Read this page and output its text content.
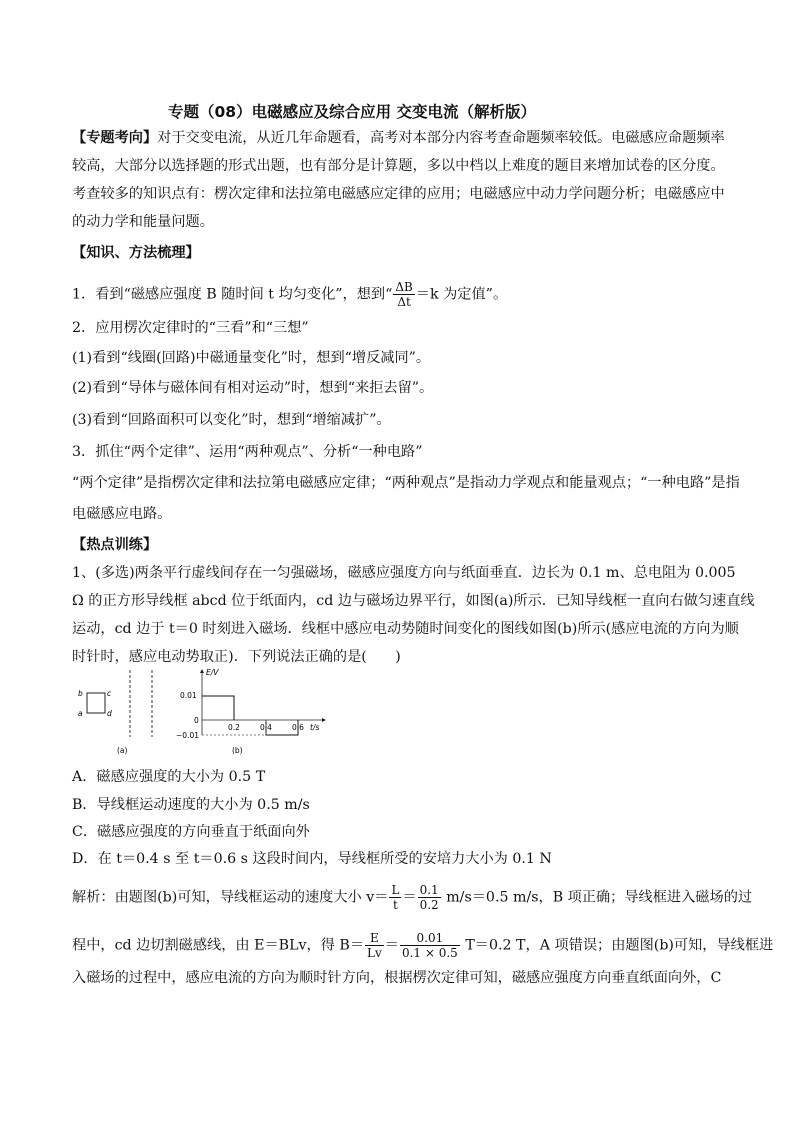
专题（08）电磁感应及综合应用 交变电流（解析版）
【专题考向】对于交变电流，从近几年命题看，高考对本部分内容考查命题频率较低。电磁感应命题频率
较高，大部分以选择题的形式出题，也有部分是计算题，多以中档以上难度的题目来增加试卷的区分度。
考查较多的知识点有：楞次定律和法拉第电磁感应定律的应用；电磁感应中动力学问题分析；电磁感应中
的动力学和能量问题。
【知识、方法梳理】
1．看到“磁感应强度 B 随时间 t 均匀变化”，想到“ $\frac{\Delta B}{\Delta t} =k$ 为定值”。
2．应用楞次定律时的“三看”和“三想”
(1)看到“线圈(回路)中磁通量变化”时，想到“增反减同”。
(2)看到“导体与磁体间有相对运动”时，想到“来拒去留”。
(3)看到“回路面积可以变化”时，想到“增缩减扩”。
3．抓住“两个定律”、运用“两种观点”、分析“一种电路”
“两个定律”是指楞次定律和法拉第电磁感应定律；“两种观点”是指动力学观点和能量观点；“一种电路”是指
电磁感应电路。
【热点训练】
1、(多选)两条平行虚线间存在一匀强磁场，磁感应强度方向与纸面垂直．边长为 0.1 m、总电阻为 0.005
Ω 的正方形导线框 abcd 位于纸面内，cd 边与磁场边界平行，如图(a)所示．已知导线框一直向右做匀速直线
运动，cd 边于 t＝0 时刻进入磁场．线框中感应电动势随时间变化的图线如图(b)所示(感应电流的方向为顺
时针时，感应电动势取正)．下列说法正确的是(　　)
b	c
a	d
(a)
E/V
0.01
0
−0.01
0.2	0.4	0.6 t/s
(b)
A．磁感应强度的大小为 0.5 T
B．导线框运动速度的大小为 0.5 m/s
C．磁感应强度的方向垂直于纸面向外
D．在 t＝0.4 s 至 t＝0.6 s 这段时间内，导线框所受的安培力大小为 0.1 N
解析：由题图(b)可知，导线框运动的速度大小 $v= \frac{L}{t} = \frac{0.1}{0.2} m/s=0.5$ m/s，B 项正确；导线框进入磁场的过
程中，cd 边切割磁感线，由 E＝BLv，得 $B= \frac{E}{Lv} = \frac{0.01}{0.1 \times 0.5} T=0.2$ T，A 项错误；由题图(b)可知，导线框进
入磁场的过程中，感应电流的方向为顺时针方向，根据楞次定律可知，磁感应强度方向垂直纸面向外，C
